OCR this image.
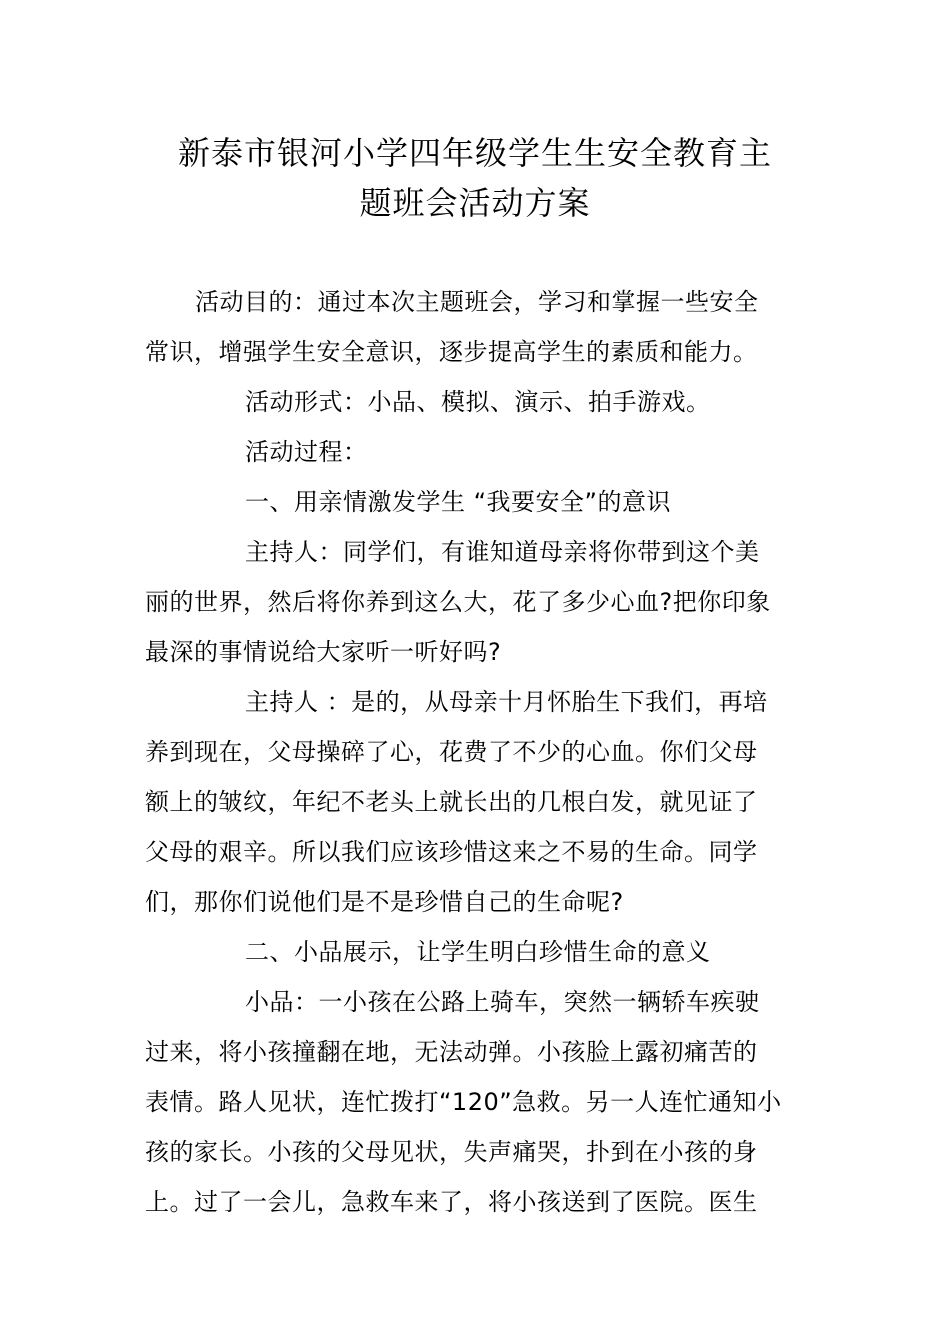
新泰市银河小学四年级学生生安全教育主
题班会活动方案
活动目的：通过本次主题班会，学习和掌握一些安全
常识，增强学生安全意识，逐步提高学生的素质和能力。
活动形式：小品、模拟、演示、拍手游戏。
活动过程：
一、用亲情激发学生 “我要安全”的意识
主持人：同学们，有谁知道母亲将你带到这个美
丽的世界，然后将你养到这么大，花了多少心血?把你印象
最深的事情说给大家听一听好吗?
主持人 ：是的，从母亲十月怀胎生下我们，再培
养到现在，父母操碎了心，花费了不少的心血。你们父母
额上的皱纹，年纪不老头上就长出的几根白发，就见证了
父母的艰辛。所以我们应该珍惜这来之不易的生命。同学
们，那你们说他们是不是珍惜自己的生命呢?
二、小品展示，让学生明白珍惜生命的意义
小品：一小孩在公路上骑车，突然一辆轿车疾驶
过来，将小孩撞翻在地，无法动弹。小孩脸上露初痛苦的
表情。路人见状，连忙拨打“120”急救。另一人连忙通知小
孩的家长。小孩的父母见状，失声痛哭，扑到在小孩的身
上。过了一会儿，急救车来了，将小孩送到了医院。医生
